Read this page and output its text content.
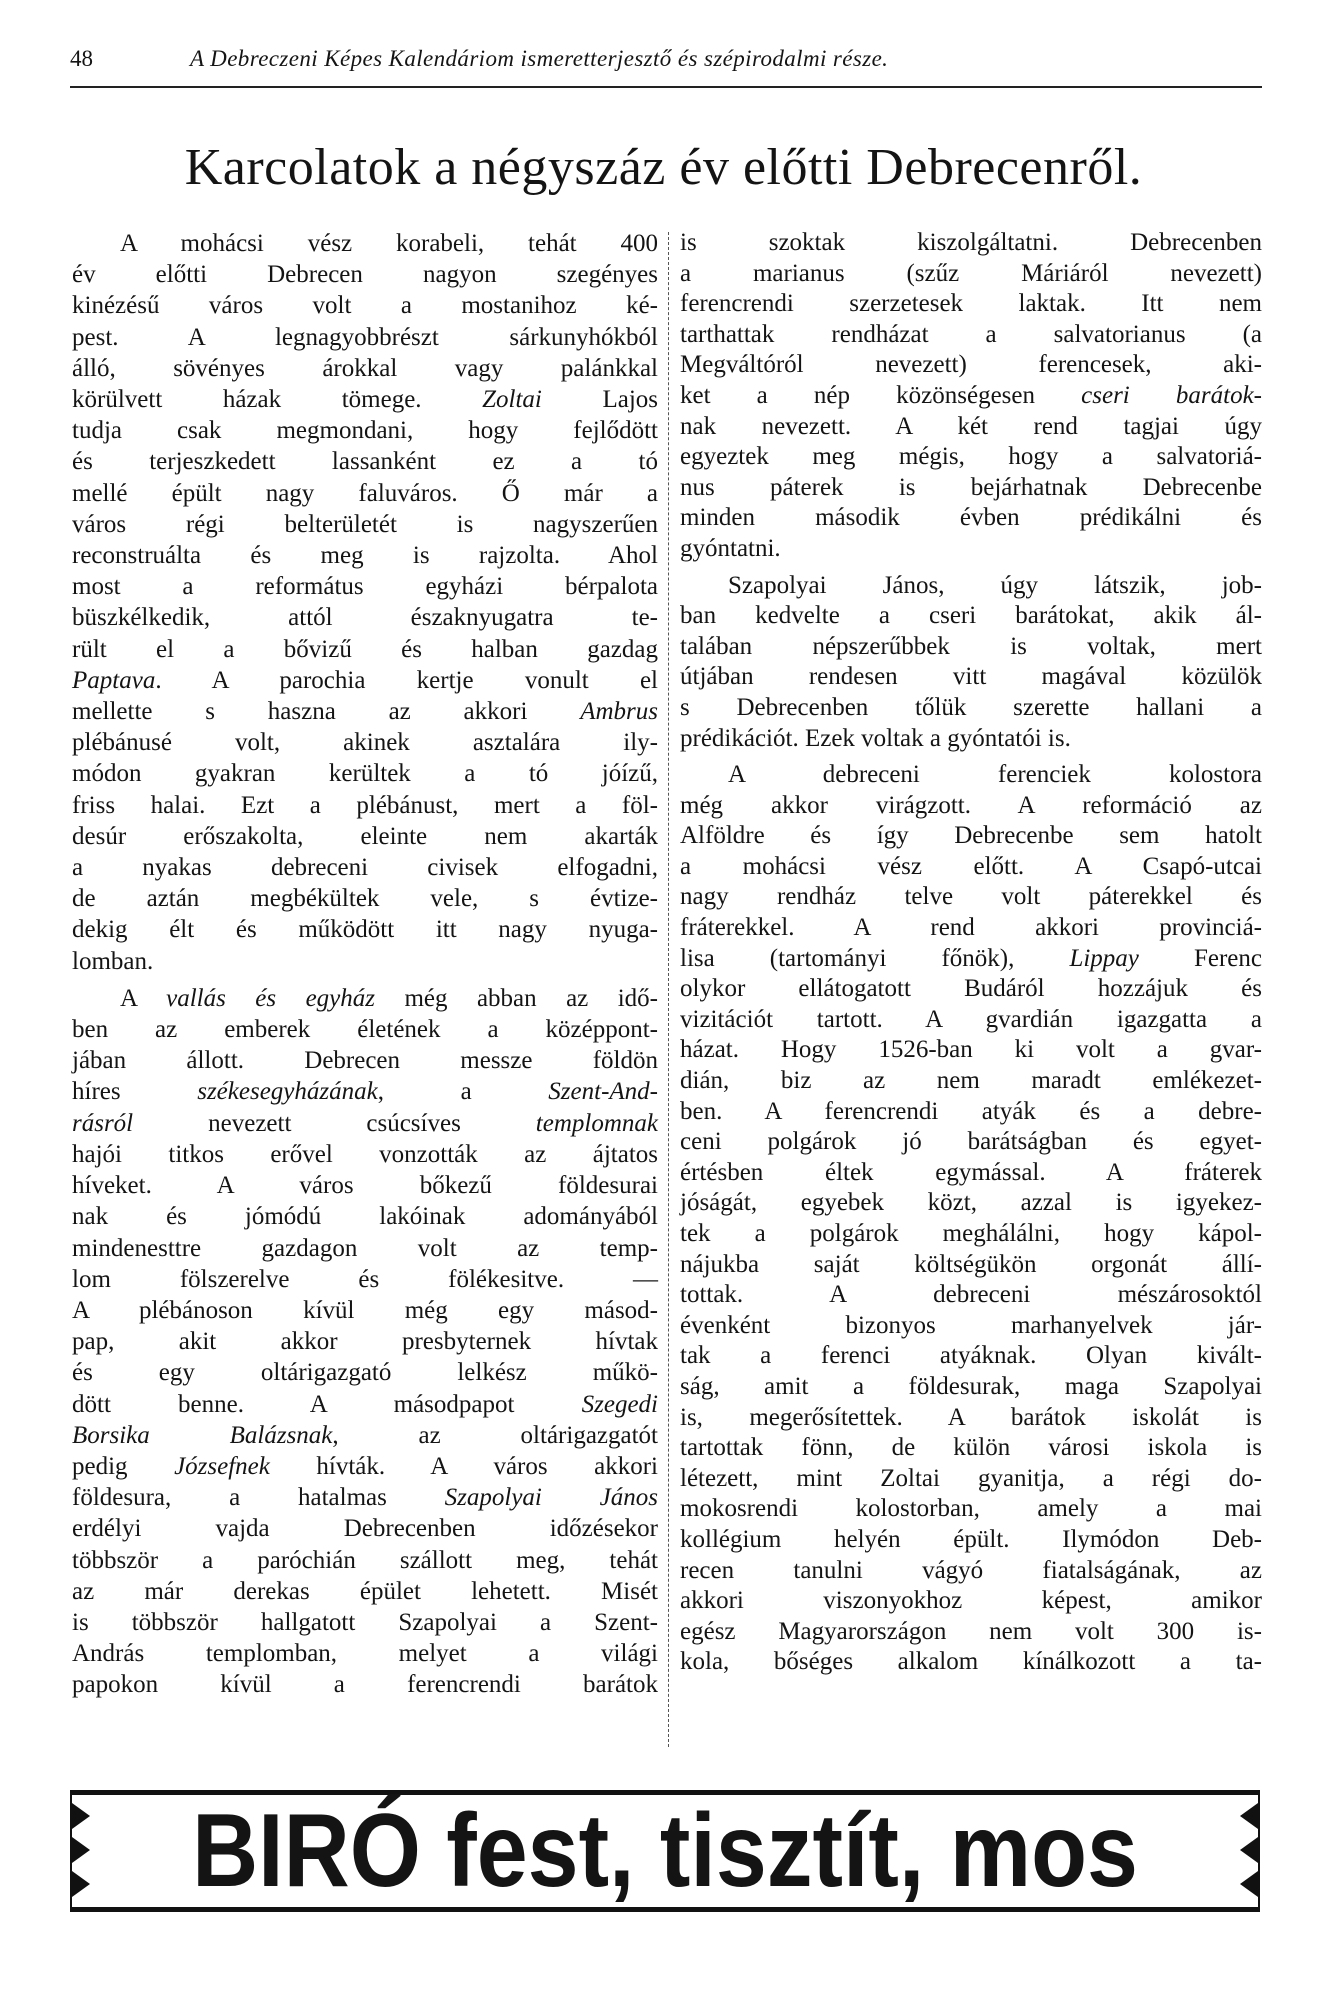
48	A Debreczeni Képes Kalendáriom ismeretterjesztő és szépirodalmi része.
Karcolatok a négyszáz év előtti Debrecenről.
A mohácsi vész korabeli, tehát 400
év előtti Debrecen nagyon szegényes
kinézésű város volt a mostanihoz ké-
pest. A legnagyobbrészt sárkunyhókból
álló, sövényes árokkal vagy palánkkal
körülvett házak tömege. Zoltai Lajos
tudja csak megmondani, hogy fejlődött
és terjeszkedett lassanként ez a tó
mellé épült nagy faluváros. Ő már a
város régi belterületét is nagyszerűen
reconstruálta és meg is rajzolta. Ahol
most a református egyházi bérpalota
büszkélkedik, attól északnyugatra te-
rült el a bővizű és halban gazdag
Paptava. A parochia kertje vonult el
mellette s haszna az akkori Ambrus
plébánusé volt, akinek asztalára ily-
módon gyakran kerültek a tó jóízű,
friss halai. Ezt a plébánust, mert a föl-
desúr erőszakolta, eleinte nem akarták
a nyakas debreceni civisek elfogadni,
de aztán megbékültek vele, s évtize-
dekig élt és működött itt nagy nyuga-
lomban.
A vallás és egyház még abban az idő-
ben az emberek életének a középpont-
jában állott. Debrecen messze földön
híres székesegyházának, a Szent-And-
rásról nevezett csúcsíves templomnak
hajói titkos erővel vonzották az ájtatos
híveket. A város bőkezű földesurai
nak és jómódú lakóinak adományából
mindenesttre gazdagon volt az temp-
lom fölszerelve és fölékesitve. —
A plébánoson kívül még egy másod-
pap, akit akkor presbyternek hívtak
és egy oltárigazgató lelkész műkö-
dött benne. A másodpapot Szegedi
Borsika Balázsnak, az oltárigazgatót
pedig Józsefnek hívták. A város akkori
földesura, a hatalmas Szapolyai János
erdélyi vajda Debrecenben időzésekor
többször a paróchián szállott meg, tehát
az már derekas épület lehetett. Misét
is többször hallgatott Szapolyai a Szent-
András templomban, melyet a világi
papokon kívül a ferencrendi barátok
is szoktak kiszolgáltatni. Debrecenben
a marianus (szűz Máriáról nevezett)
ferencrendi szerzetesek laktak. Itt nem
tarthattak rendházat a salvatorianus (a
Megváltóról nevezett) ferencesek, aki-
ket a nép közönségesen cseri barátok-
nak nevezett. A két rend tagjai úgy
egyeztek meg mégis, hogy a salvatoriá-
nus páterek is bejárhatnak Debrecenbe
minden második évben prédikálni és
gyóntatni.
Szapolyai János, úgy látszik, job-
ban kedvelte a cseri barátokat, akik ál-
talában népszerűbbek is voltak, mert
útjában rendesen vitt magával közülök
s Debrecenben tőlük szerette hallani a
prédikációt. Ezek voltak a gyóntatói is.
A debreceni ferenciek kolostora
még akkor virágzott. A reformáció az
Alföldre és így Debrecenbe sem hatolt
a mohácsi vész előtt. A Csapó-utcai
nagy rendház telve volt páterekkel és
fráterekkel. A rend akkori provinciá-
lisa (tartományi főnök), Lippay Ferenc
olykor ellátogatott Budáról hozzájuk és
vizitációt tartott. A gvardián igazgatta a
házat. Hogy 1526-ban ki volt a gvar-
dián, biz az nem maradt emlékezet-
ben. A ferencrendi atyák és a debre-
ceni polgárok jó barátságban és egyet-
értésben éltek egymással. A fráterek
jóságát, egyebek közt, azzal is igyekez-
tek a polgárok meghálálni, hogy kápol-
nájukba saját költségükön orgonát állí-
tottak. A debreceni mészárosoktól
évenként bizonyos marhanyelvek jár-
tak a ferenci atyáknak. Olyan kivált-
ság, amit a földesurak, maga Szapolyai
is, megerősítettek. A barátok iskolát is
tartottak fönn, de külön városi iskola is
létezett, mint Zoltai gyanitja, a régi do-
mokosrendi kolostorban, amely a mai
kollégium helyén épült. Ilymódon Deb-
recen tanulni vágyó fiatalságának, az
akkori viszonyokhoz képest, amikor
egész Magyarországon nem volt 300 is-
kola, bőséges alkalom kínálkozott a ta-
BIRÓ fest, tisztít, mos
